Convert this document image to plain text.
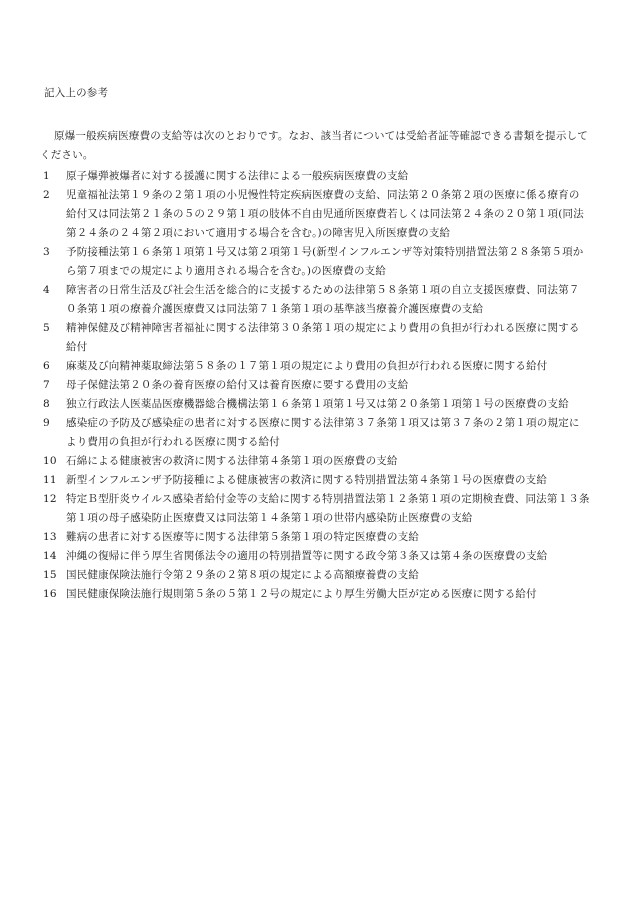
記入上の参考
原爆一般疾病医療費の支給等は次のとおりです。なお、該当者については受給者証等確認できる書類を提示してください。
1	原子爆弾被爆者に対する援護に関する法律による一般疾病医療費の支給
2	児童福祉法第１９条の２第１項の小児慢性特定疾病医療費の支給、同法第２０条第２項の医療に係る療育の給付又は同法第２１条の５の２９第１項の肢体不自由児通所医療費若しくは同法第２４条の２０第１項(同法第２４条の２４第２項において適用する場合を含む。)の障害児入所医療費の支給
3	予防接種法第１６条第１項第１号又は第２項第１号(新型インフルエンザ等対策特別措置法第２８条第５項から第７項までの規定により適用される場合を含む。)の医療費の支給
4	障害者の日常生活及び社会生活を総合的に支援するための法律第５８条第１項の自立支援医療費、同法第７０条第１項の療養介護医療費又は同法第７１条第１項の基準該当療養介護医療費の支給
5	精神保健及び精神障害者福祉に関する法律第３０条第１項の規定により費用の負担が行われる医療に関する給付
6	麻薬及び向精神薬取締法第５８条の１７第１項の規定により費用の負担が行われる医療に関する給付
7	母子保健法第２０条の養育医療の給付又は養育医療に要する費用の支給
8	独立行政法人医薬品医療機器総合機構法第１６条第１項第１号又は第２０条第１項第１号の医療費の支給
9	感染症の予防及び感染症の患者に対する医療に関する法律第３７条第１項又は第３７条の２第１項の規定により費用の負担が行われる医療に関する給付
10 石綿による健康被害の救済に関する法律第４条第１項の医療費の支給
11 新型インフルエンザ予防接種による健康被害の救済に関する特別措置法第４条第１号の医療費の支給
12 特定Ｂ型肝炎ウイルス感染者給付金等の支給に関する特別措置法第１２条第１項の定期検査費、同法第１３条第１項の母子感染防止医療費又は同法第１４条第１項の世帯内感染防止医療費の支給
13 難病の患者に対する医療等に関する法律第５条第１項の特定医療費の支給
14 沖縄の復帰に伴う厚生省関係法令の適用の特別措置等に関する政令第３条又は第４条の医療費の支給
15 国民健康保険法施行令第２９条の２第８項の規定による高額療養費の支給
16 国民健康保険法施行規則第５条の５第１２号の規定により厚生労働大臣が定める医療に関する給付
